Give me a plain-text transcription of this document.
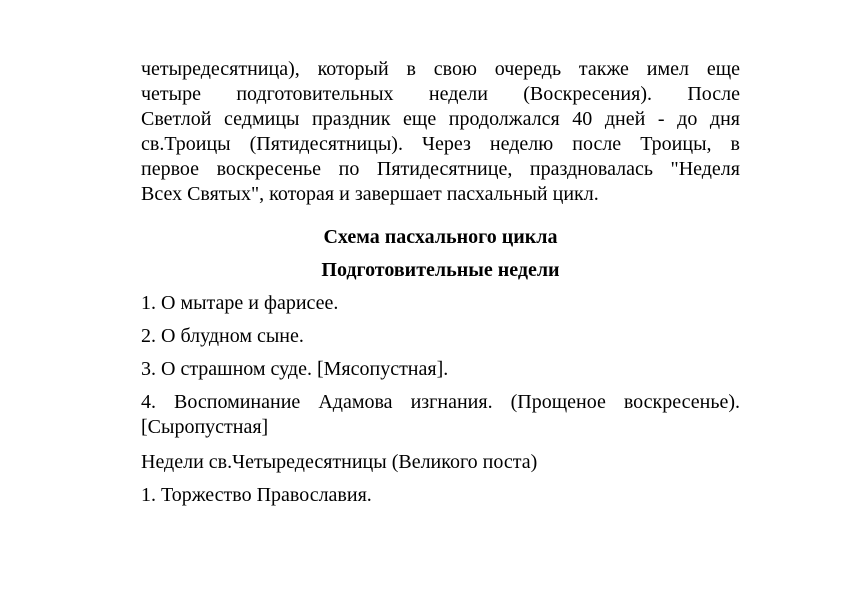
четыредесятница), который в свою очередь также имел еще
четыре подготовительных недели (Воскресения). После
Светлой седмицы праздник еще продолжался 40 дней - до дня
св.Троицы (Пятидесятницы). Через неделю после Троицы, в
первое воскресенье по Пятидесятнице, праздновалась "Неделя
Всех Святых", которая и завершает пасхальный цикл.

Схема пасхального цикла

Подготовительные недели

1. О мытаре и фарисее.

2. О блудном сыне.

3. О страшном суде. [Мясопустная].

4. Воспоминание Адамова изгнания. (Прощеное воскресенье).
[Сыропустная]

Недели св.Четыредесятницы (Великого поста)

1. Торжество Православия.
